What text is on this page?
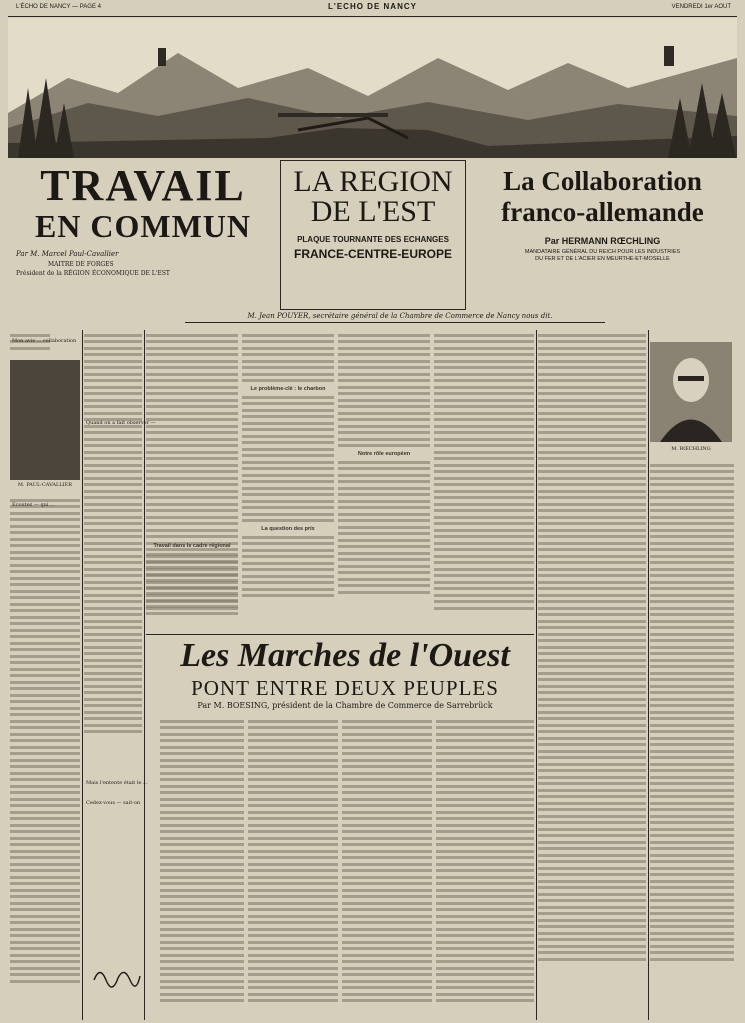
L'ÉCHO DE NANCY — PAGE 4	L'ECHO DE NANCY	VENDREDI 1er AOUT
TRAVAIL
EN COMMUN
Par M. Marcel Paul-Cavallier
MAITRE DE FORGES
Président de la RÉGION ÉCONOMIQUE DE L'EST
LA REGION
DE L'EST
PLAQUE TOURNANTE DES ECHANGES
FRANCE-CENTRE-EUROPE
La Collaboration
franco-allemande
Par HERMANN RŒCHLING
MANDATAIRE GÉNÉRAL DU REICH POUR LES INDUSTRIES
DU FER ET DE L'ACIER EN MEURTHE-ET-MOSELLE
M. Jean POUYER, secrétaire général de la Chambre de Commerce de Nancy nous dit.
M. PAUL-CAVALLIER
M. RŒCHLING
Le problème-clé : le charbon
La question des prix
Notre rôle européen
Travail dans le cadre régional
Les Marches de l'Ouest
PONT ENTRE DEUX PEUPLES
Par M. BOESING, président de la Chambre de Commerce de Sarrebrück
Mon avis ... collaboration
Quand on a fait observer —
Ecoutez — qui ...
Mais l'entente était le ...
Cedez-vous — sait-on
